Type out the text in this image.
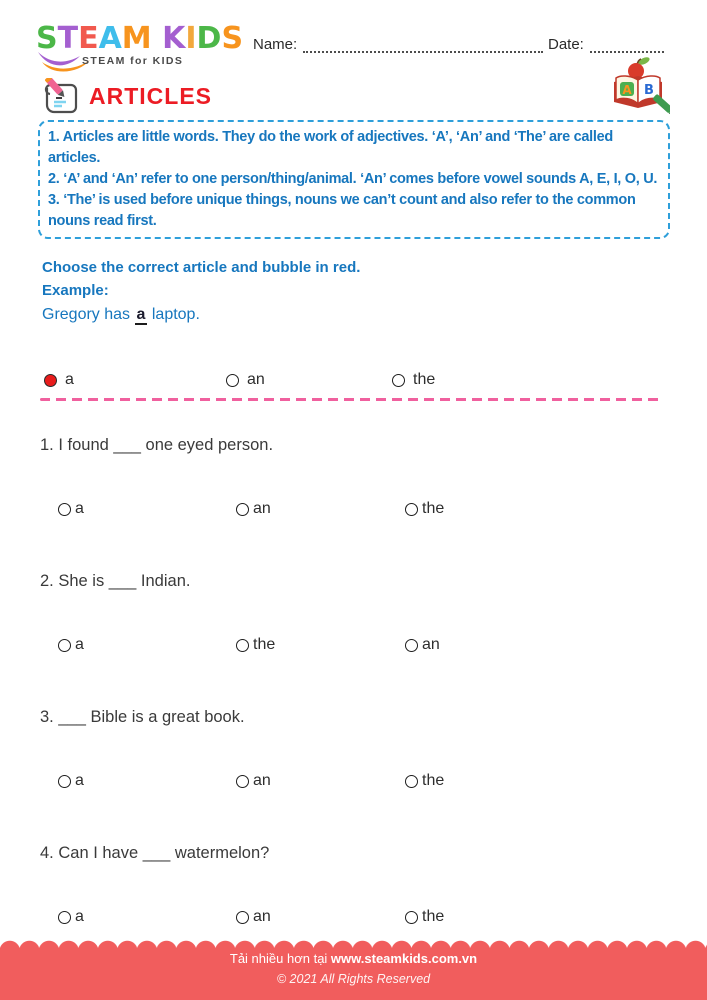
STEAM KIDS
STEAM for KIDS
Name:	Date:
A B
ARTICLES

1. Articles are little words. They do the work of adjectives. ‘A’, ‘An’ and ‘The’ are called articles.

2. ‘A’ and ‘An’ refer to one person/thing/animal. ‘An’ comes before vowel sounds A, E, I, O, U.

3. ‘The’ is used before unique things, nouns we can’t count and also refer to the common nouns read first.

Choose the correct article and bubble in red.
Example:
Gregory has a laptop.
a	an	the
1. I found ___ one eyed person.
a	an	the
2. She is ___ Indian.
a	the	an
3. ___ Bible is a great book.
a	an	the
4. Can I have ___ watermelon?
a	an	the
Tải nhiều hơn tại www.steamkids.com.vn
© 2021 All Rights Reserved
